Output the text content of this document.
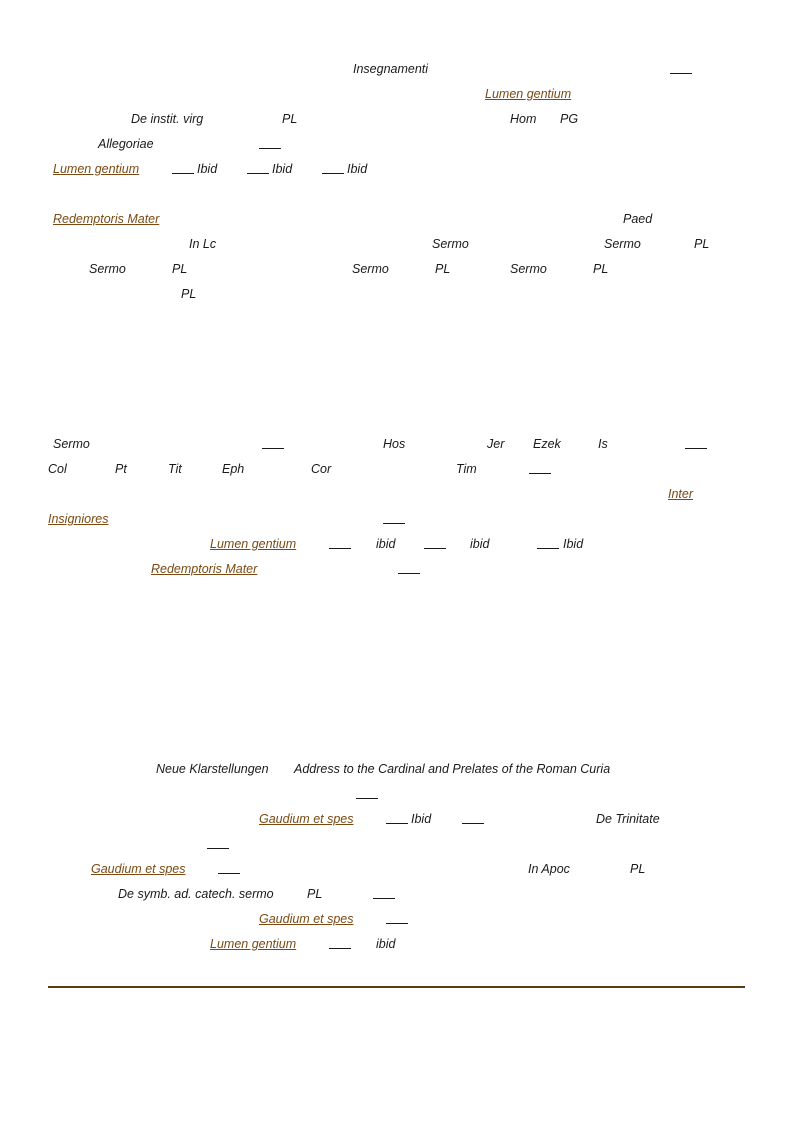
Insegnamenti
Lumen gentium
De instit. virg	PL	Hom PG
Allegoriae
Lumen gentium	Ibid	Ibid	Ibid
Redemptoris Mater	Paed
In Lc	Sermo	Sermo	PL
Sermo	PL	Sermo	PL	Sermo	PL
PL
Sermo	Hos	Jer Ezek	Is
Col	Pt	Tit	Eph	Cor	Tim
Inter
Insigniores
Lumen gentium	ibid	ibid	Ibid
Redemptoris Mater
Neue Klarstellungen Address to the Cardinal and Prelates of the Roman Curia
Gaudium et spes	Ibid	De Trinitate
Gaudium et spes	In Apoc	PL
De symb. ad. catech. sermo	PL
Gaudium et spes
Lumen gentium	ibid
